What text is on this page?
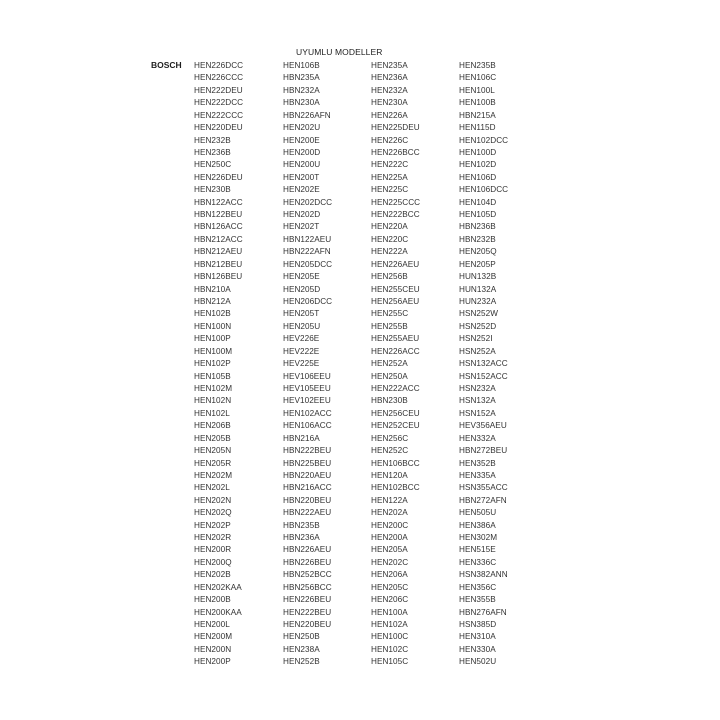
UYUMLU MODELLER
BOSCH HEN226DCC
HEN226CCC
HEN222DEU
HEN222DCC
HEN222CCC
HEN220DEU
HEN232B
HEN236B
HEN250C
HEN226DEU
HEN230B
HBN122ACC
HBN122BEU
HBN126ACC
HBN212ACC
HBN212AEU
HBN212BEU
HBN126BEU
HBN210A
HBN212A
HEN102B
HEN100N
HEN100P
HEN100M
HEN102P
HEN105B
HEN102M
HEN102N
HEN102L
HEN206B
HEN205B
HEN205N
HEN205R
HEN202M
HEN202L
HEN202N
HEN202Q
HEN202P
HEN202R
HEN200R
HEN200Q
HEN202B
HEN202KAA
HEN200B
HEN200KAA
HEN200L
HEN200M
HEN200N
HEN200P
HEN106B
HBN235A
HBN232A
HBN230A
HBN226AFN
HEN202U
HEN200E
HEN200D
HEN200U
HEN200T
HEN202E
HEN202DCC
HEN202D
HEN202T
HBN122AEU
HBN222AFN
HEN205DCC
HEN205E
HEN205D
HEN206DCC
HEN205T
HEN205U
HEV226E
HEV222E
HEV225E
HEV106EEU
HEV105EEU
HEV102EEU
HEN102ACC
HEN106ACC
HBN216A
HBN222BEU
HBN225BEU
HBN220AEU
HBN216ACC
HBN220BEU
HBN222AEU
HBN235B
HBN236A
HBN226AEU
HBN226BEU
HBN252BCC
HBN256BCC
HEN226BEU
HEN222BEU
HEN220BEU
HEN250B
HEN238A
HEN252B
HEN235A
HEN236A
HEN232A
HEN230A
HEN226A
HEN225DEU
HEN226C
HEN226BCC
HEN222C
HEN225A
HEN225C
HEN225CCC
HEN222BCC
HEN220A
HEN220C
HEN222A
HEN226AEU
HEN256B
HEN255CEU
HEN256AEU
HEN255C
HEN255B
HEN255AEU
HEN226ACC
HEN252A
HEN250A
HEN222ACC
HBN230B
HEN256CEU
HEN252CEU
HEN256C
HEN252C
HEN106BCC
HEN120A
HEN102BCC
HEN122A
HEN202A
HEN200C
HEN200A
HEN205A
HEN202C
HEN206A
HEN205C
HEN206C
HEN100A
HEN102A
HEN100C
HEN102C
HEN105C
HEN235B
HEN106C
HEN100L
HEN100B
HBN215A
HEN115D
HEN102DCC
HEN100D
HEN102D
HEN106D
HEN106DCC
HEN104D
HEN105D
HBN236B
HBN232B
HEN205Q
HEN205P
HUN132B
HUN132A
HUN232A
HSN252W
HSN252D
HSN252I
HSN252A
HSN132ACC
HSN152ACC
HSN232A
HSN132A
HSN152A
HEV356AEU
HEN332A
HBN272BEU
HEN352B
HEN335A
HSN355ACC
HBN272AFN
HEN505U
HEN386A
HEN302M
HEN515E
HEN336C
HSN382ANN
HEN356C
HEN355B
HBN276AFN
HSN385D
HEN310A
HEN330A
HEN502U
